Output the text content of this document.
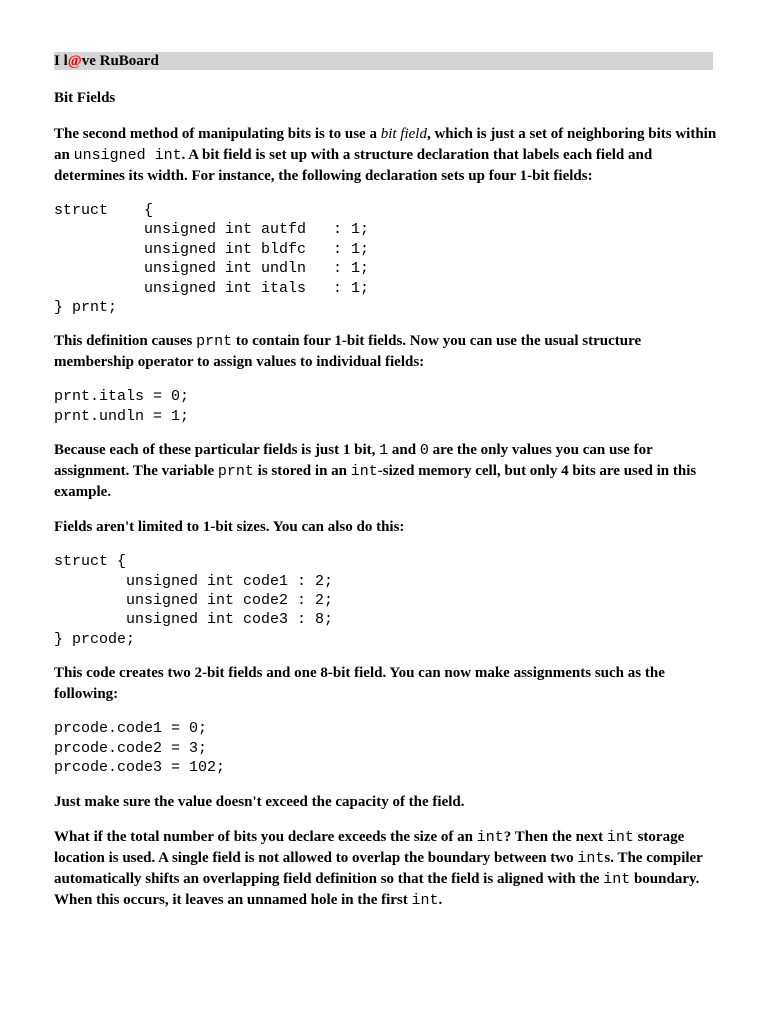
I l@ve RuBoard
Bit Fields

The second method of manipulating bits is to use a bit field, which is just a set of neighboring bits within an unsigned int. A bit field is set up with a structure declaration that labels each field and determines its width. For instance, the following declaration sets up four 1-bit fields:

struct    {
unsigned int autfd   : 1;
unsigned int bldfc   : 1;
unsigned int undln   : 1;
unsigned int itals   : 1;
} prnt;

This definition causes prnt to contain four 1-bit fields. Now you can use the usual structure membership operator to assign values to individual fields:

prnt.itals = 0;
prnt.undln = 1;

Because each of these particular fields is just 1 bit, 1 and 0 are the only values you can use for assignment. The variable prnt is stored in an int-sized memory cell, but only 4 bits are used in this example.

Fields aren't limited to 1-bit sizes. You can also do this:

struct {
unsigned int code1 : 2;
unsigned int code2 : 2;
unsigned int code3 : 8;
} prcode;

This code creates two 2-bit fields and one 8-bit field. You can now make assignments such as the following:

prcode.code1 = 0;
prcode.code2 = 3;
prcode.code3 = 102;

Just make sure the value doesn't exceed the capacity of the field.

What if the total number of bits you declare exceeds the size of an int? Then the next int storage location is used. A single field is not allowed to overlap the boundary between two ints. The compiler automatically shifts an overlapping field definition so that the field is aligned with the int boundary. When this occurs, it leaves an unnamed hole in the first int.
